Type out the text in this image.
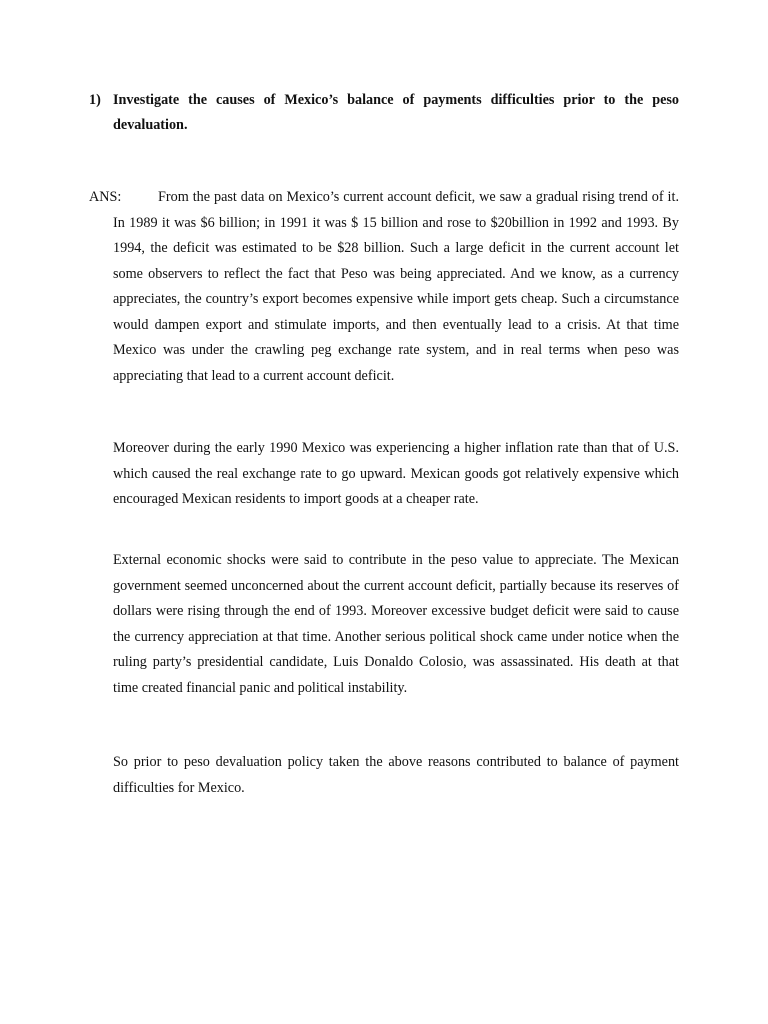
1) Investigate the causes of Mexico’s balance of payments difficulties prior to the peso devaluation.
ANS:	From the past data on Mexico’s current account deficit, we saw a gradual rising trend of it. In 1989 it was $6 billion; in 1991 it was $ 15 billion and rose to $20billion in 1992 and 1993. By 1994, the deficit was estimated to be $28 billion. Such a large deficit in the current account let some observers to reflect the fact that Peso was being appreciated. And we know, as a currency appreciates, the country’s export becomes expensive while import gets cheap. Such a circumstance would dampen export and stimulate imports, and then eventually lead to a crisis. At that time Mexico was under the crawling peg exchange rate system, and in real terms when peso was appreciating that lead to a current account deficit.

Moreover during the early 1990 Mexico was experiencing a higher inflation rate than that of U.S. which caused the real exchange rate to go upward. Mexican goods got relatively expensive which encouraged Mexican residents to import goods at a cheaper rate.

External economic shocks were said to contribute in the peso value to appreciate. The Mexican government seemed unconcerned about the current account deficit, partially because its reserves of dollars were rising through the end of 1993. Moreover excessive budget deficit were said to cause the currency appreciation at that time. Another serious political shock came under notice when the ruling party’s presidential candidate, Luis Donaldo Colosio, was assassinated. His death at that time created financial panic and political instability.

So prior to peso devaluation policy taken the above reasons contributed to balance of payment difficulties for Mexico.
